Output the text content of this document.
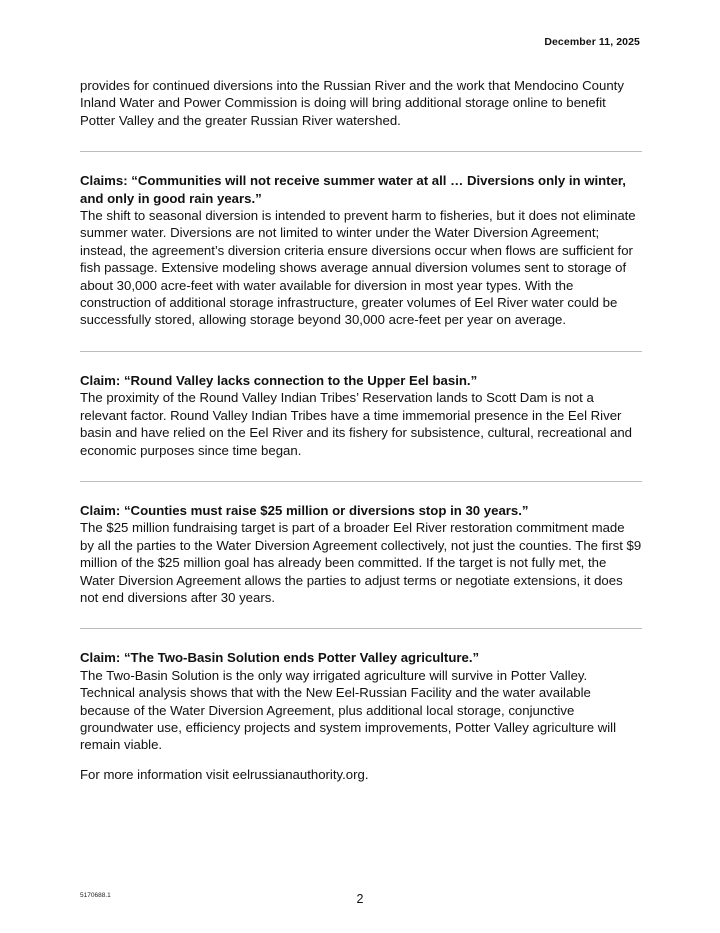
December 11, 2025

provides for continued diversions into the Russian River and the work that Mendocino County Inland Water and Power Commission is doing will bring additional storage online to benefit Potter Valley and the greater Russian River watershed.

Claims: “Communities will not receive summer water at all … Diversions only in winter, and only in good rain years.”

The shift to seasonal diversion is intended to prevent harm to fisheries, but it does not eliminate summer water. Diversions are not limited to winter under the Water Diversion Agreement; instead, the agreement’s diversion criteria ensure diversions occur when flows are sufficient for fish passage. Extensive modeling shows average annual diversion volumes sent to storage of about 30,000 acre-feet with water available for diversion in most year types. With the construction of additional storage infrastructure, greater volumes of Eel River water could be successfully stored, allowing storage beyond 30,000 acre-feet per year on average.

Claim: “Round Valley lacks connection to the Upper Eel basin.”

The proximity of the Round Valley Indian Tribes’ Reservation lands to Scott Dam is not a relevant factor. Round Valley Indian Tribes have a time immemorial presence in the Eel River basin and have relied on the Eel River and its fishery for subsistence, cultural, recreational and economic purposes since time began.

Claim: “Counties must raise $25 million or diversions stop in 30 years.”

The $25 million fundraising target is part of a broader Eel River restoration commitment made by all the parties to the Water Diversion Agreement collectively, not just the counties. The first $9 million of the $25 million goal has already been committed. If the target is not fully met, the Water Diversion Agreement allows the parties to adjust terms or negotiate extensions, it does not end diversions after 30 years.

Claim: “The Two-Basin Solution ends Potter Valley agriculture.”

The Two-Basin Solution is the only way irrigated agriculture will survive in Potter Valley. Technical analysis shows that with the New Eel-Russian Facility and the water available because of the Water Diversion Agreement, plus additional local storage, conjunctive groundwater use, efficiency projects and system improvements, Potter Valley agriculture will remain viable.

For more information visit eelrussianauthority.org.

5170688.1	2
